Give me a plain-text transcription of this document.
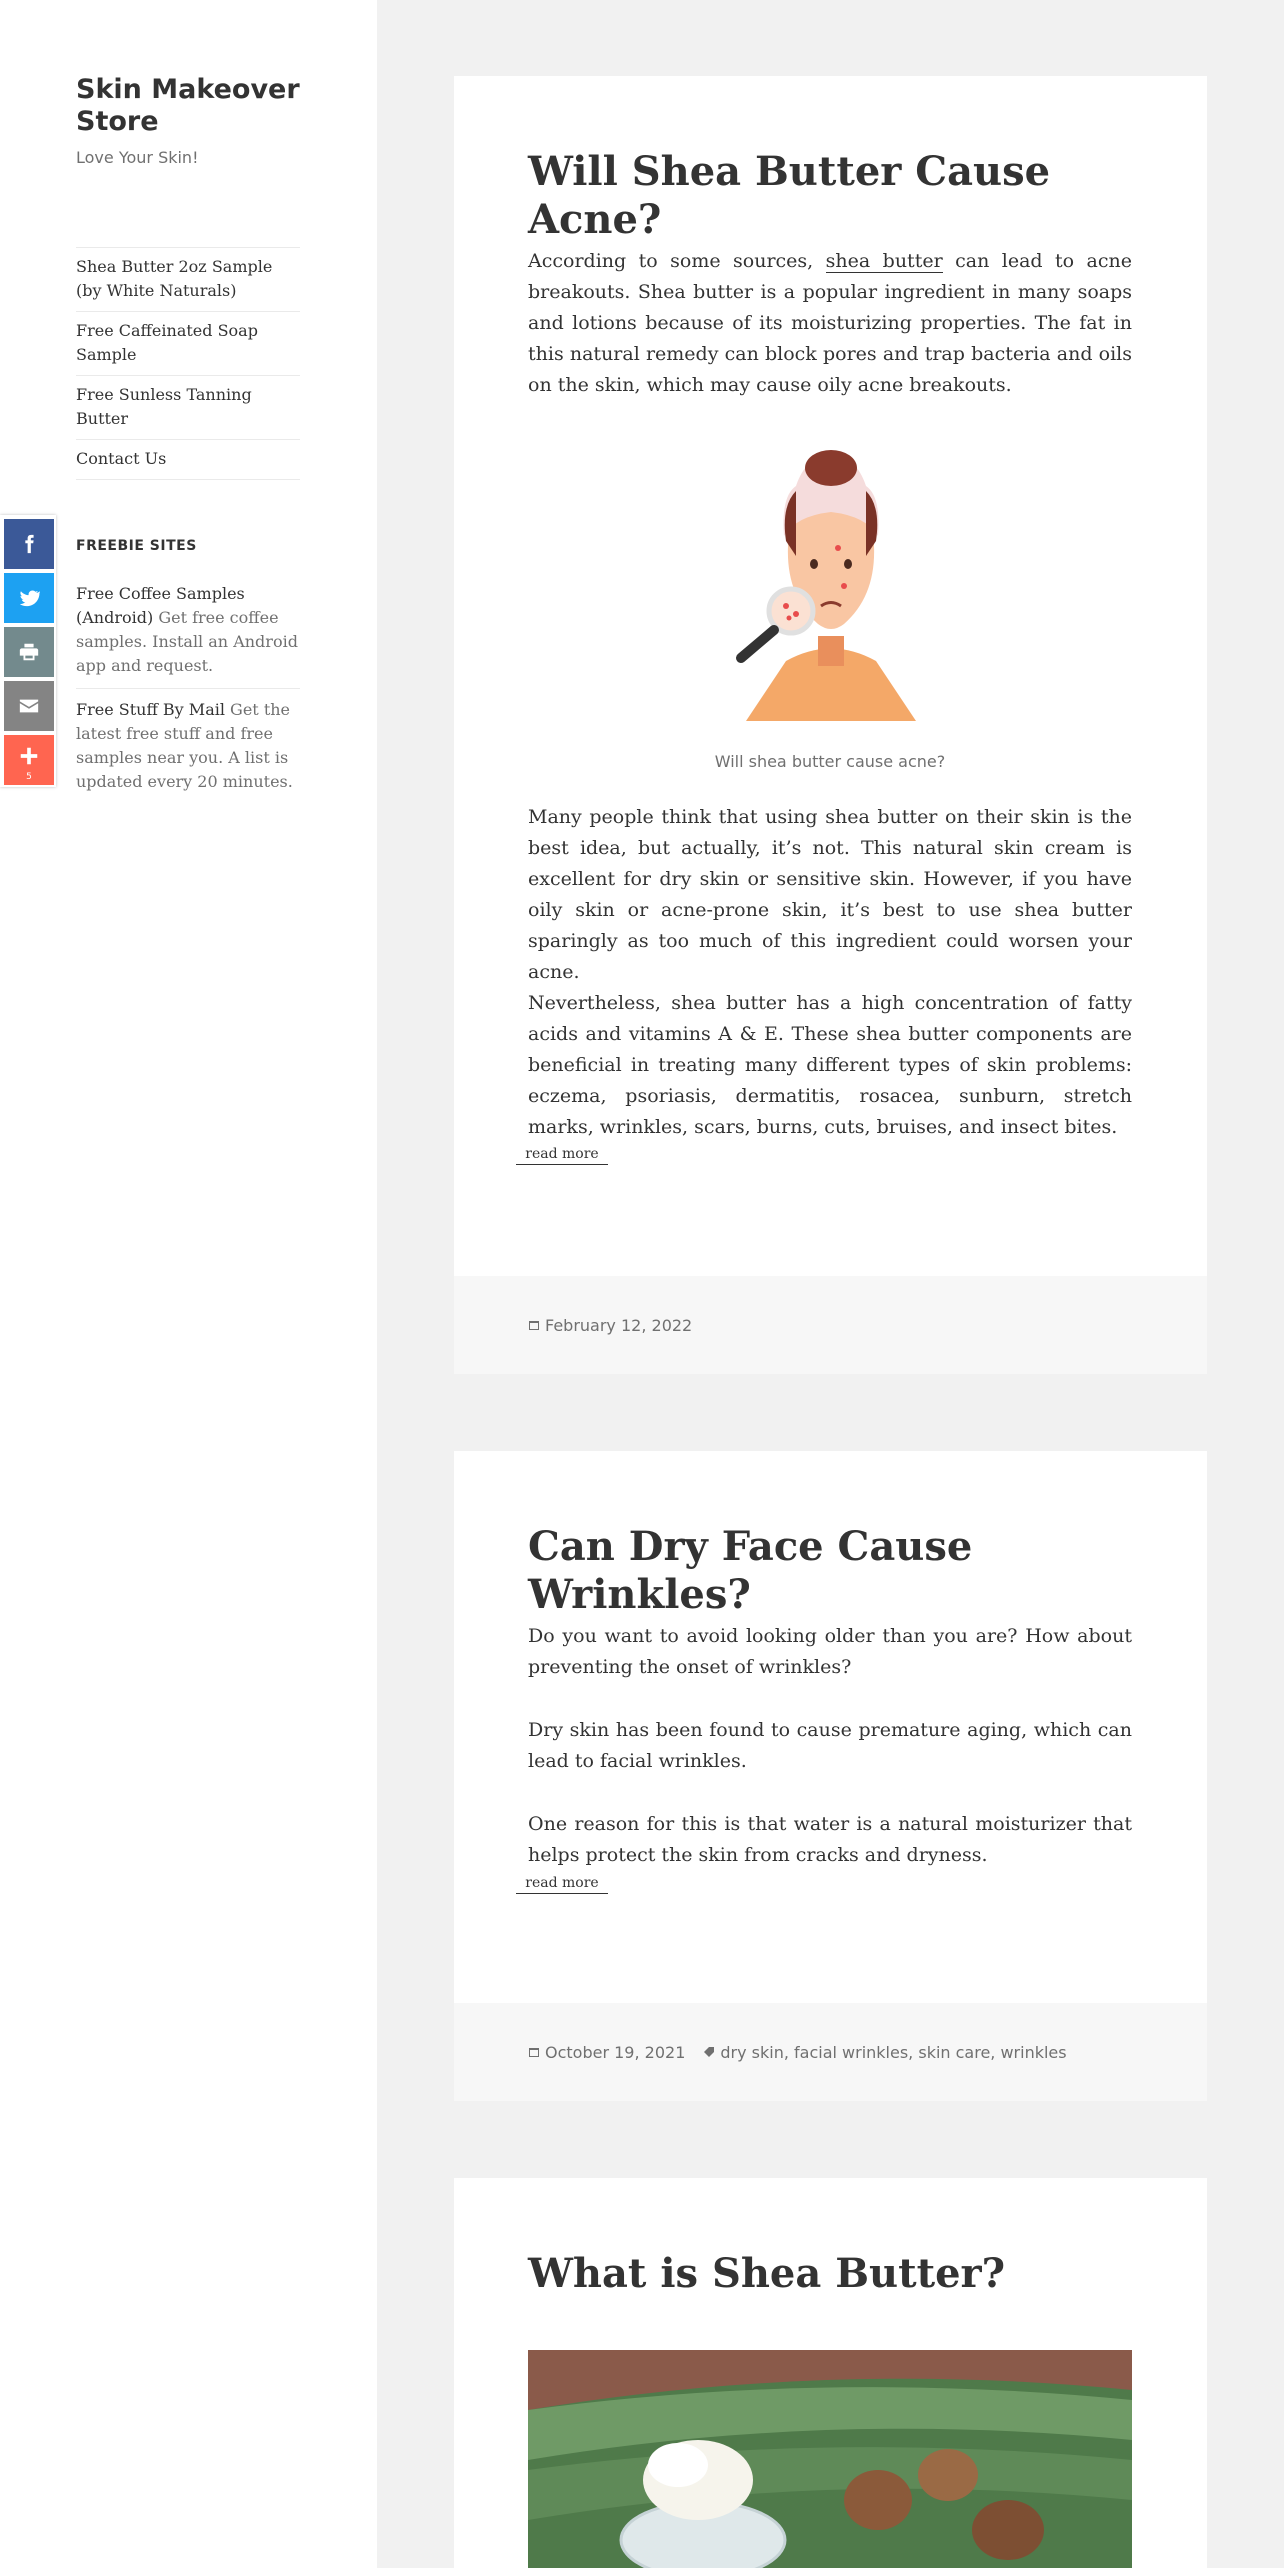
Skin Makeover Store
Love Your Skin!
Shea Butter 2oz Sample (by White Naturals)
Free Caffeinated Soap Sample
Free Sunless Tanning Butter
Contact Us
FREEBIE SITES
Free Coffee Samples (Android) Get free coffee samples. Install an Android app and request.
Free Stuff By Mail Get the latest free stuff and free samples near you. A list is updated every 20 minutes.
5
Will Shea Butter Cause Acne?

According to some sources, shea butter can lead to acne breakouts. Shea butter is a popular ingredient in many soaps and lotions because of its moisturizing properties. The fat in this natural remedy can block pores and trap bacteria and oils on the skin, which may cause oily acne breakouts.

Will shea butter cause acne?

Many people think that using shea butter on their skin is the best idea, but actually, it’s not. This natural skin cream is excellent for dry skin or sensitive skin. However, if you have oily skin or acne-prone skin, it’s best to use shea butter sparingly as too much of this ingredient could worsen your acne.

Nevertheless, shea butter has a high concentration of fatty acids and vitamins A & E. These shea butter components are beneficial in treating many different types of skin problems: eczema, psoriasis, dermatitis, rosacea, sunburn, stretch marks, wrinkles, scars, burns, cuts, bruises, and insect bites.

read more
February 12, 2022
Can Dry Face Cause Wrinkles?

Do you want to avoid looking older than you are? How about preventing the onset of wrinkles?

Dry skin has been found to cause premature aging, which can lead to facial wrinkles.

One reason for this is that water is a natural moisturizer that helps protect the skin from cracks and dryness.

read more
October 19, 2021 dry skin, facial wrinkles, skin care, wrinkles
What is Shea Butter?
